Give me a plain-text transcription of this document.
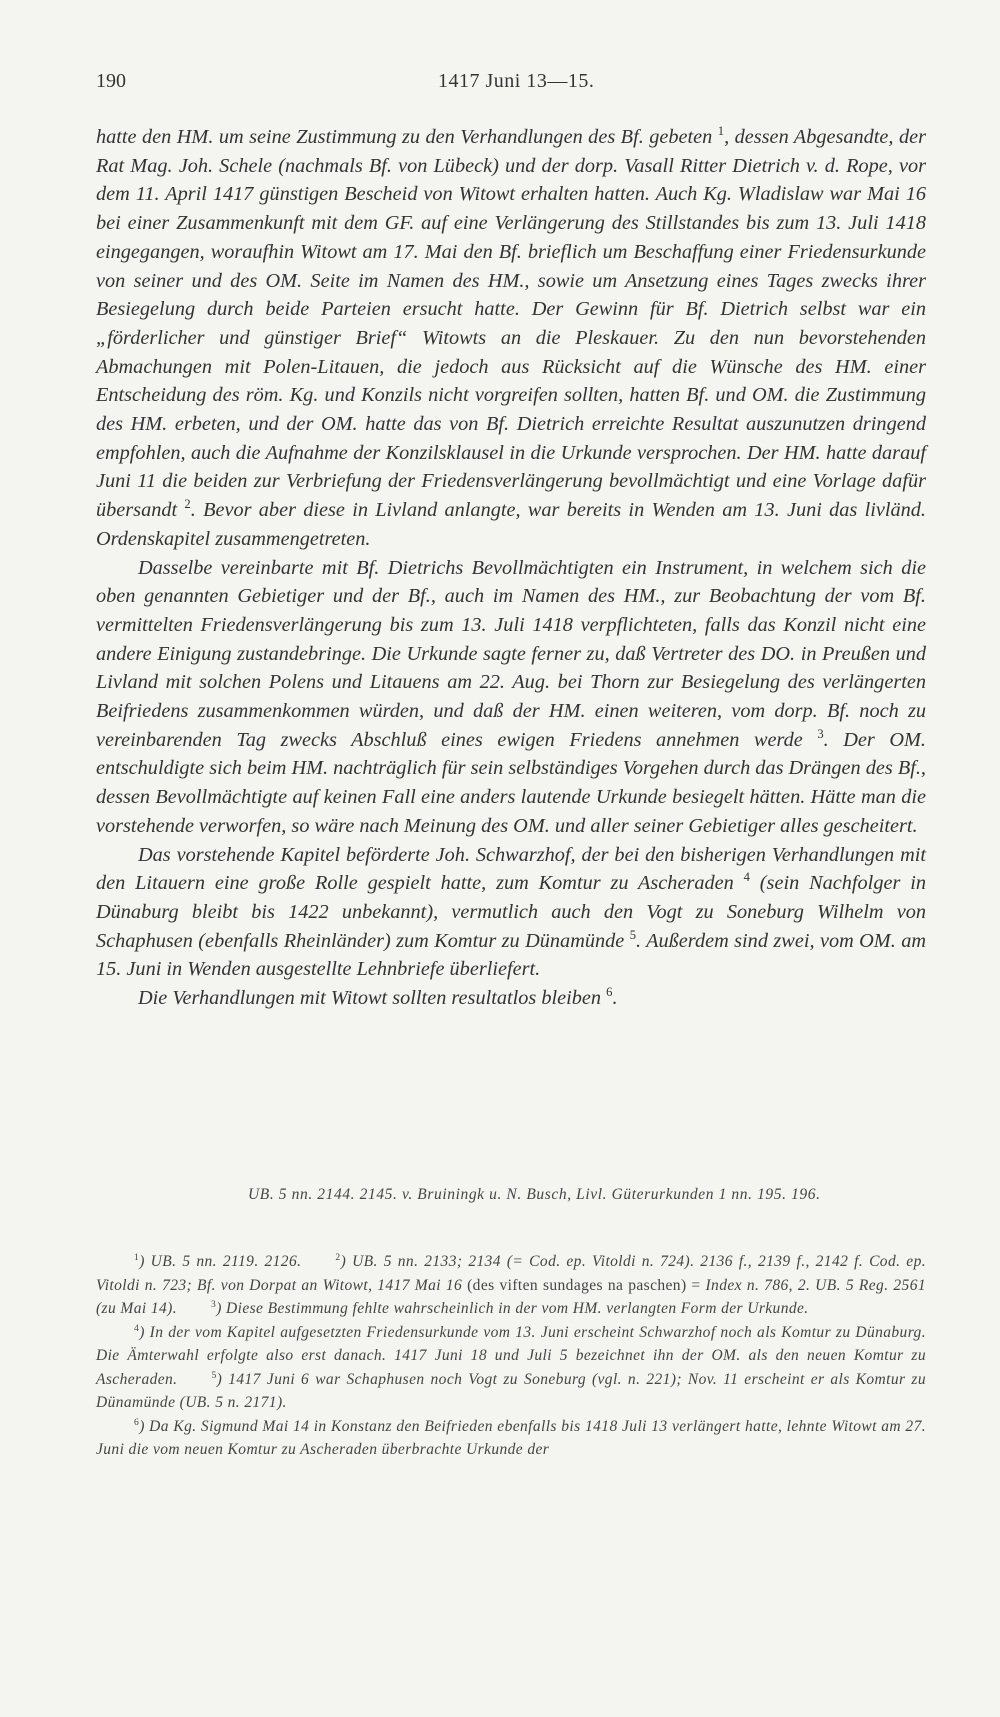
190	1417 Juni 13—15.

hatte den HM. um seine Zustimmung zu den Verhandlungen des Bf. gebeten $^1$, dessen Abgesandte, der Rat Mag. Joh. Schele (nachmals Bf. von Lübeck) und der dorp. Vasall Ritter Dietrich v. d. Rope, vor dem 11. April 1417 günstigen Bescheid von Witowt erhalten hatten. Auch Kg. Wladislaw war Mai 16 bei einer Zusammenkunft mit dem GF. auf eine Verlängerung des Stillstandes bis zum 13. Juli 1418 eingegangen, woraufhin Witowt am 17. Mai den Bf. brieflich um Beschaffung einer Friedensurkunde von seiner und des OM. Seite im Namen des HM., sowie um Ansetzung eines Tages zwecks ihrer Besiegelung durch beide Parteien ersucht hatte. Der Gewinn für Bf. Dietrich selbst war ein „förderlicher und günstiger Brief“ Witowts an die Pleskauer. Zu den nun bevorstehenden Abmachungen mit Polen-Litauen, die jedoch aus Rücksicht auf die Wünsche des HM. einer Entscheidung des röm. Kg. und Konzils nicht vorgreifen sollten, hatten Bf. und OM. die Zustimmung des HM. erbeten, und der OM. hatte das von Bf. Dietrich erreichte Resultat auszunutzen dringend empfohlen, auch die Aufnahme der Konzilsklausel in die Urkunde versprochen. Der HM. hatte darauf Juni 11 die beiden zur Verbriefung der Friedensverlängerung bevollmächtigt und eine Vorlage dafür übersandt $^2$. Bevor aber diese in Livland anlangte, war bereits in Wenden am 13. Juni das livländ. Ordenskapitel zusammengetreten.

Dasselbe vereinbarte mit Bf. Dietrichs Bevollmächtigten ein Instrument, in welchem sich die oben genannten Gebietiger und der Bf., auch im Namen des HM., zur Beobachtung der vom Bf. vermittelten Friedensverlängerung bis zum 13. Juli 1418 verpflichteten, falls das Konzil nicht eine andere Einigung zustandebringe. Die Urkunde sagte ferner zu, daß Vertreter des DO. in Preußen und Livland mit solchen Polens und Litauens am 22. Aug. bei Thorn zur Besiegelung des verlängerten Beifriedens zusammenkommen würden, und daß der HM. einen weiteren, vom dorp. Bf. noch zu vereinbarenden Tag zwecks Abschluß eines ewigen Friedens annehmen werde $^3$. Der OM. entschuldigte sich beim HM. nachträglich für sein selbständiges Vorgehen durch das Drängen des Bf., dessen Bevollmächtigte auf keinen Fall eine anders lautende Urkunde besiegelt hätten. Hätte man die vorstehende verworfen, so wäre nach Meinung des OM. und aller seiner Gebietiger alles gescheitert.

Das vorstehende Kapitel beförderte Joh. Schwarzhof, der bei den bisherigen Verhandlungen mit den Litauern eine große Rolle gespielt hatte, zum Komtur zu Ascheraden $^4$ (sein Nachfolger in Dünaburg bleibt bis 1422 unbekannt), vermutlich auch den Vogt zu Soneburg Wilhelm von Schaphusen (ebenfalls Rheinländer) zum Komtur zu Dünamünde $^5$. Außerdem sind zwei, vom OM. am 15. Juni in Wenden ausgestellte Lehnbriefe überliefert.

Die Verhandlungen mit Witowt sollten resultatlos bleiben $^6$.

UB. 5 nn. 2144. 2145. v. Bruiningk u. N. Busch, Livl. Güterurkunden 1 nn. 195. 196.

$^1$) UB. 5 nn. 2119. 2126.	$^2$) UB. 5 nn. 2133; 2134 (= Cod. ep. Vitoldi n. 724). 2136 f., 2139 f., 2142 f. Cod. ep. Vitoldi n. 723; Bf. von Dorpat an Witowt, 1417 Mai 16 (des viften sundages na paschen) = Index n. 786, 2. UB. 5 Reg. 2561 (zu Mai 14).	$^3$) Diese Bestimmung fehlte wahrscheinlich in der vom HM. verlangten Form der Urkunde.

$^4$) In der vom Kapitel aufgesetzten Friedensurkunde vom 13. Juni erscheint Schwarzhof noch als Komtur zu Dünaburg. Die Ämterwahl erfolgte also erst danach. 1417 Juni 18 und Juli 5 bezeichnet ihn der OM. als den neuen Komtur zu Ascheraden.	$^5$) 1417 Juni 6 war Schaphusen noch Vogt zu Soneburg (vgl. n. 221); Nov. 11 erscheint er als Komtur zu Dünamünde (UB. 5 n. 2171).

$^6$) Da Kg. Sigmund Mai 14 in Konstanz den Beifrieden ebenfalls bis 1418 Juli 13 verlängert hatte, lehnte Witowt am 27. Juni die vom neuen Komtur zu Ascheraden überbrachte Urkunde der
